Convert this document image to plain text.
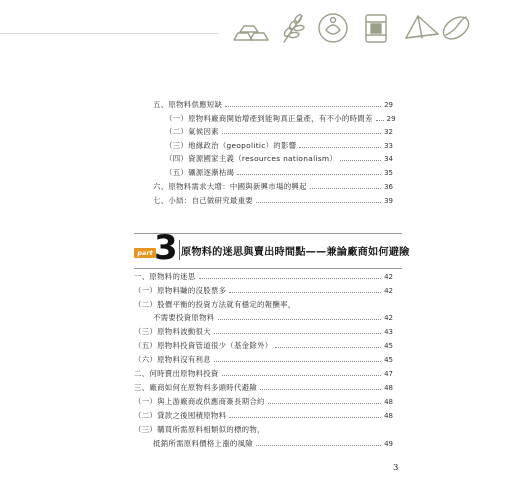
五、原物料供應短缺	29
（一）原物料廠商開始增產到能夠真正量產，有不小的時間差 29
（二）氣候因素	32
（三）地緣政治（geopolitic）的影響	33
（四）資源國家主義（resources nationalism）	34
（五）礦源逐漸枯竭	35
六、原物料需求大增：中國與新興市場的興起	36
七、小結：自己做研究最重要	39
part 3 原物料的迷思與賣出時間點——兼論廠商如何避險
一、原物料的迷思	42
（一）原物料賺的沒股票多	42
（二）股價平衡的投資方法就有穩定的報酬率，
不需要投資原物料	42
（三）原物料波動很大	43
（五）原物料投資管道很少（基金除外）	45
（六）原物料沒有利息	45
二、何時賣出原物料投資	47
三、廠商如何在原物料多頭時代避險	48
（一）與上游廠商或供應商簽長期合約	48
（二）貸款之後囤積原物料	48
（三）購買所需原料相類似的標的物，
抵銷所需原料價格上漲的風險	49
3
